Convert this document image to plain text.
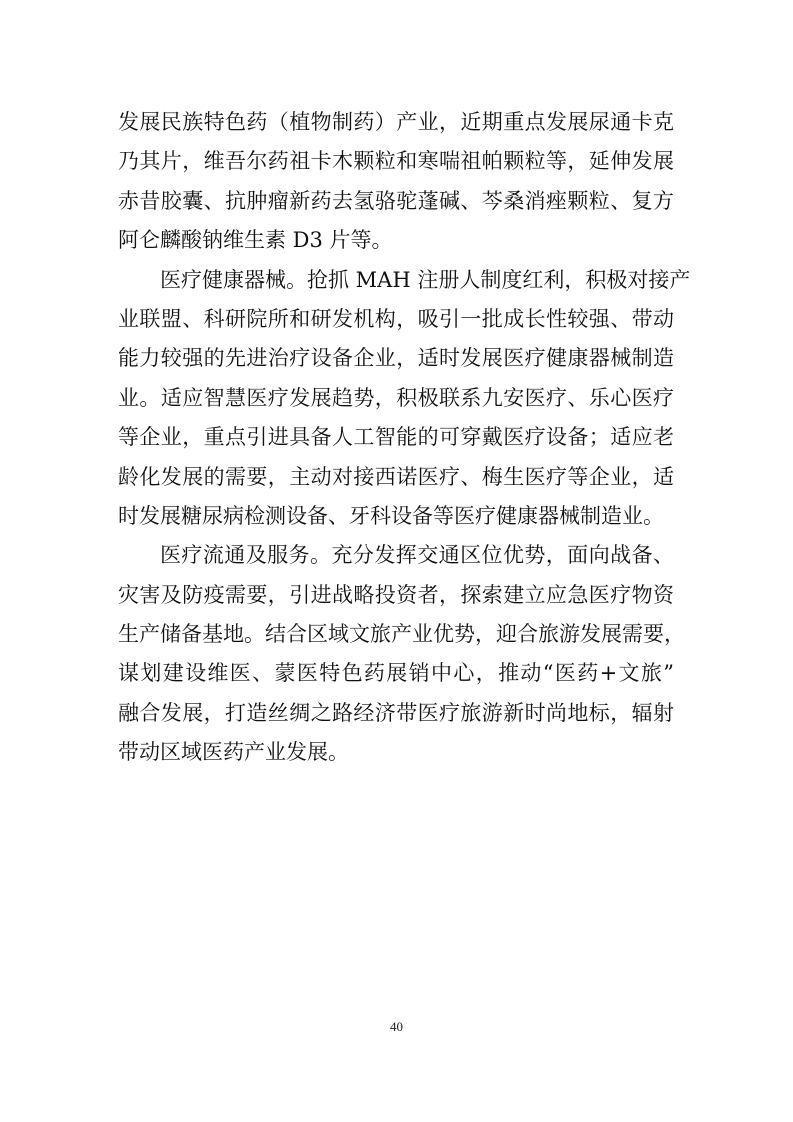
发展民族特色药（植物制药）产业，近期重点发展尿通卡克
乃其片，维吾尔药祖卡木颗粒和寒喘祖帕颗粒等，延伸发展
赤昔胶囊、抗肿瘤新药去氢骆驼蓬碱、芩桑消痤颗粒、复方
阿仑麟酸钠维生素 D3 片等。
医疗健康器械。抢抓 MAH 注册人制度红利，积极对接产
业联盟、科研院所和研发机构，吸引一批成长性较强、带动
能力较强的先进治疗设备企业，适时发展医疗健康器械制造
业。适应智慧医疗发展趋势，积极联系九安医疗、乐心医疗
等企业，重点引进具备人工智能的可穿戴医疗设备；适应老
龄化发展的需要，主动对接西诺医疗、梅生医疗等企业，适
时发展糖尿病检测设备、牙科设备等医疗健康器械制造业。
医疗流通及服务。充分发挥交通区位优势，面向战备、
灾害及防疫需要，引进战略投资者，探索建立应急医疗物资
生产储备基地。结合区域文旅产业优势，迎合旅游发展需要，
谋划建设维医、蒙医特色药展销中心，推动“医药+文旅”
融合发展，打造丝绸之路经济带医疗旅游新时尚地标，辐射
带动区域医药产业发展。
40
